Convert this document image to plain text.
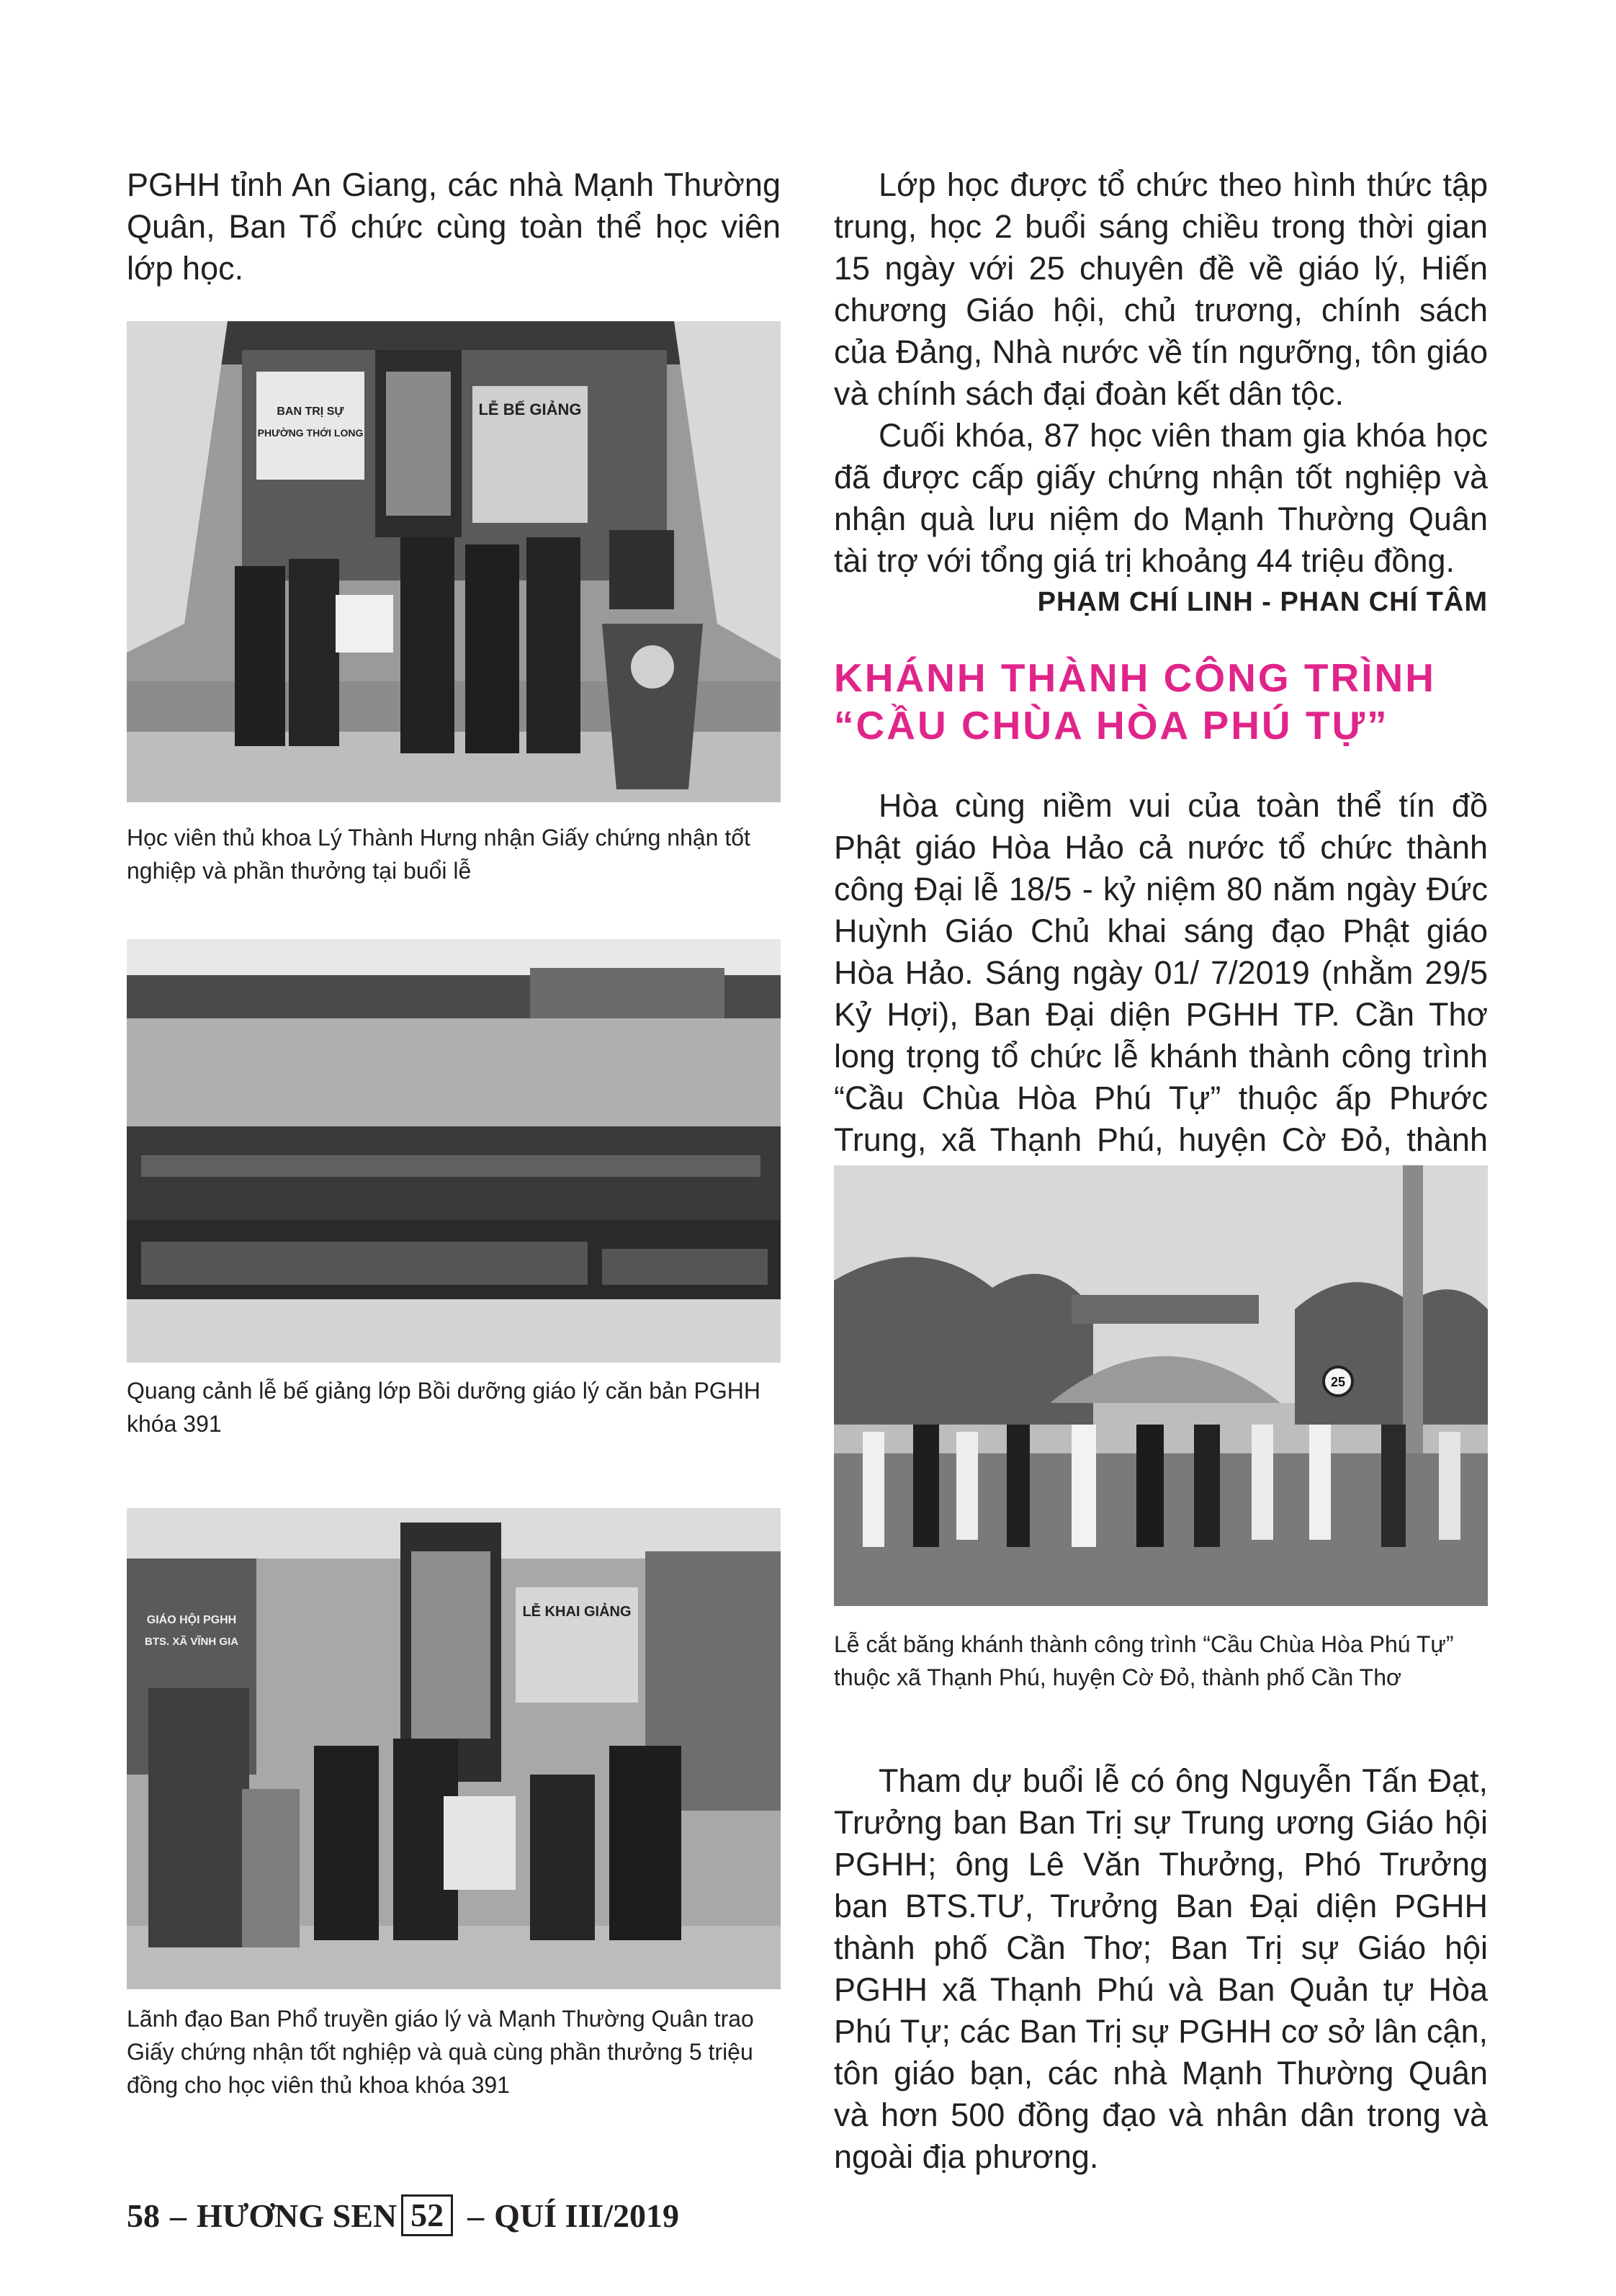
PGHH tỉnh An Giang, các nhà Mạnh Thường Quân, Ban Tổ chức cùng toàn thể học viên lớp học.

BAN TRỊ SỰ
PHƯỜNG THỚI LONG
LỄ BẾ GIẢNG

Học viên thủ khoa Lý Thành Hưng nhận Giấy chứng nhận tốt nghiệp và phần thưởng tại buổi lễ

Quang cảnh lễ bế giảng lớp Bồi dưỡng giáo lý căn bản PGHH khóa 391

GIÁO HỘI PGHH
BTS. XÃ VĨNH GIA
LỄ KHAI GIẢNG

Lãnh đạo Ban Phổ truyền giáo lý và Mạnh Thường Quân trao Giấy chứng nhận tốt nghiệp và quà cùng phần thưởng 5 triệu đồng cho học viên thủ khoa khóa 391

Lớp học được tổ chức theo hình thức tập trung, học 2 buổi sáng chiều trong thời gian 15 ngày với 25 chuyên đề về giáo lý, Hiến chương Giáo hội, chủ trương, chính sách của Đảng, Nhà nước về tín ngưỡng, tôn giáo và chính sách đại đoàn kết dân tộc.

Cuối khóa, 87 học viên tham gia khóa học đã được cấp giấy chứng nhận tốt nghiệp và nhận quà lưu niệm do Mạnh Thường Quân tài trợ với tổng giá trị khoảng 44 triệu đồng.

PHẠM CHÍ LINH - PHAN CHÍ TÂM
KHÁNH THÀNH CÔNG TRÌNH “CẦU CHÙA HÒA PHÚ TỰ”

Hòa cùng niềm vui của toàn thể tín đồ Phật giáo Hòa Hảo cả nước tổ chức thành công Đại lễ 18/5 - kỷ niệm 80 năm ngày Đức Huỳnh Giáo Chủ khai sáng đạo Phật giáo Hòa Hảo. Sáng ngày 01/ 7/2019 (nhằm 29/5 Kỷ Hợi), Ban Đại diện PGHH TP. Cần Thơ long trọng tổ chức lễ khánh thành công trình “Cầu Chùa Hòa Phú Tự” thuộc ấp Phước Trung, xã Thạnh Phú, huyện Cờ Đỏ, thành

25

Lễ cắt băng khánh thành công trình “Cầu Chùa Hòa Phú Tự” thuộc xã Thạnh Phú, huyện Cờ Đỏ, thành phố Cần Thơ

Tham dự buổi lễ có ông Nguyễn Tấn Đạt, Trưởng ban Ban Trị sự Trung ương Giáo hội PGHH; ông Lê Văn Thưởng, Phó Trưởng ban BTS.TƯ, Trưởng Ban Đại diện PGHH thành phố Cần Thơ; Ban Trị sự Giáo hội PGHH xã Thạnh Phú và Ban Quản tự Hòa Phú Tự; các Ban Trị sự PGHH cơ sở lân cận, tôn giáo bạn, các nhà Mạnh Thường Quân và hơn 500 đồng đạo và nhân dân trong và ngoài địa phương.

58 – HƯƠNG SEN 52 – QUÍ III/2019
